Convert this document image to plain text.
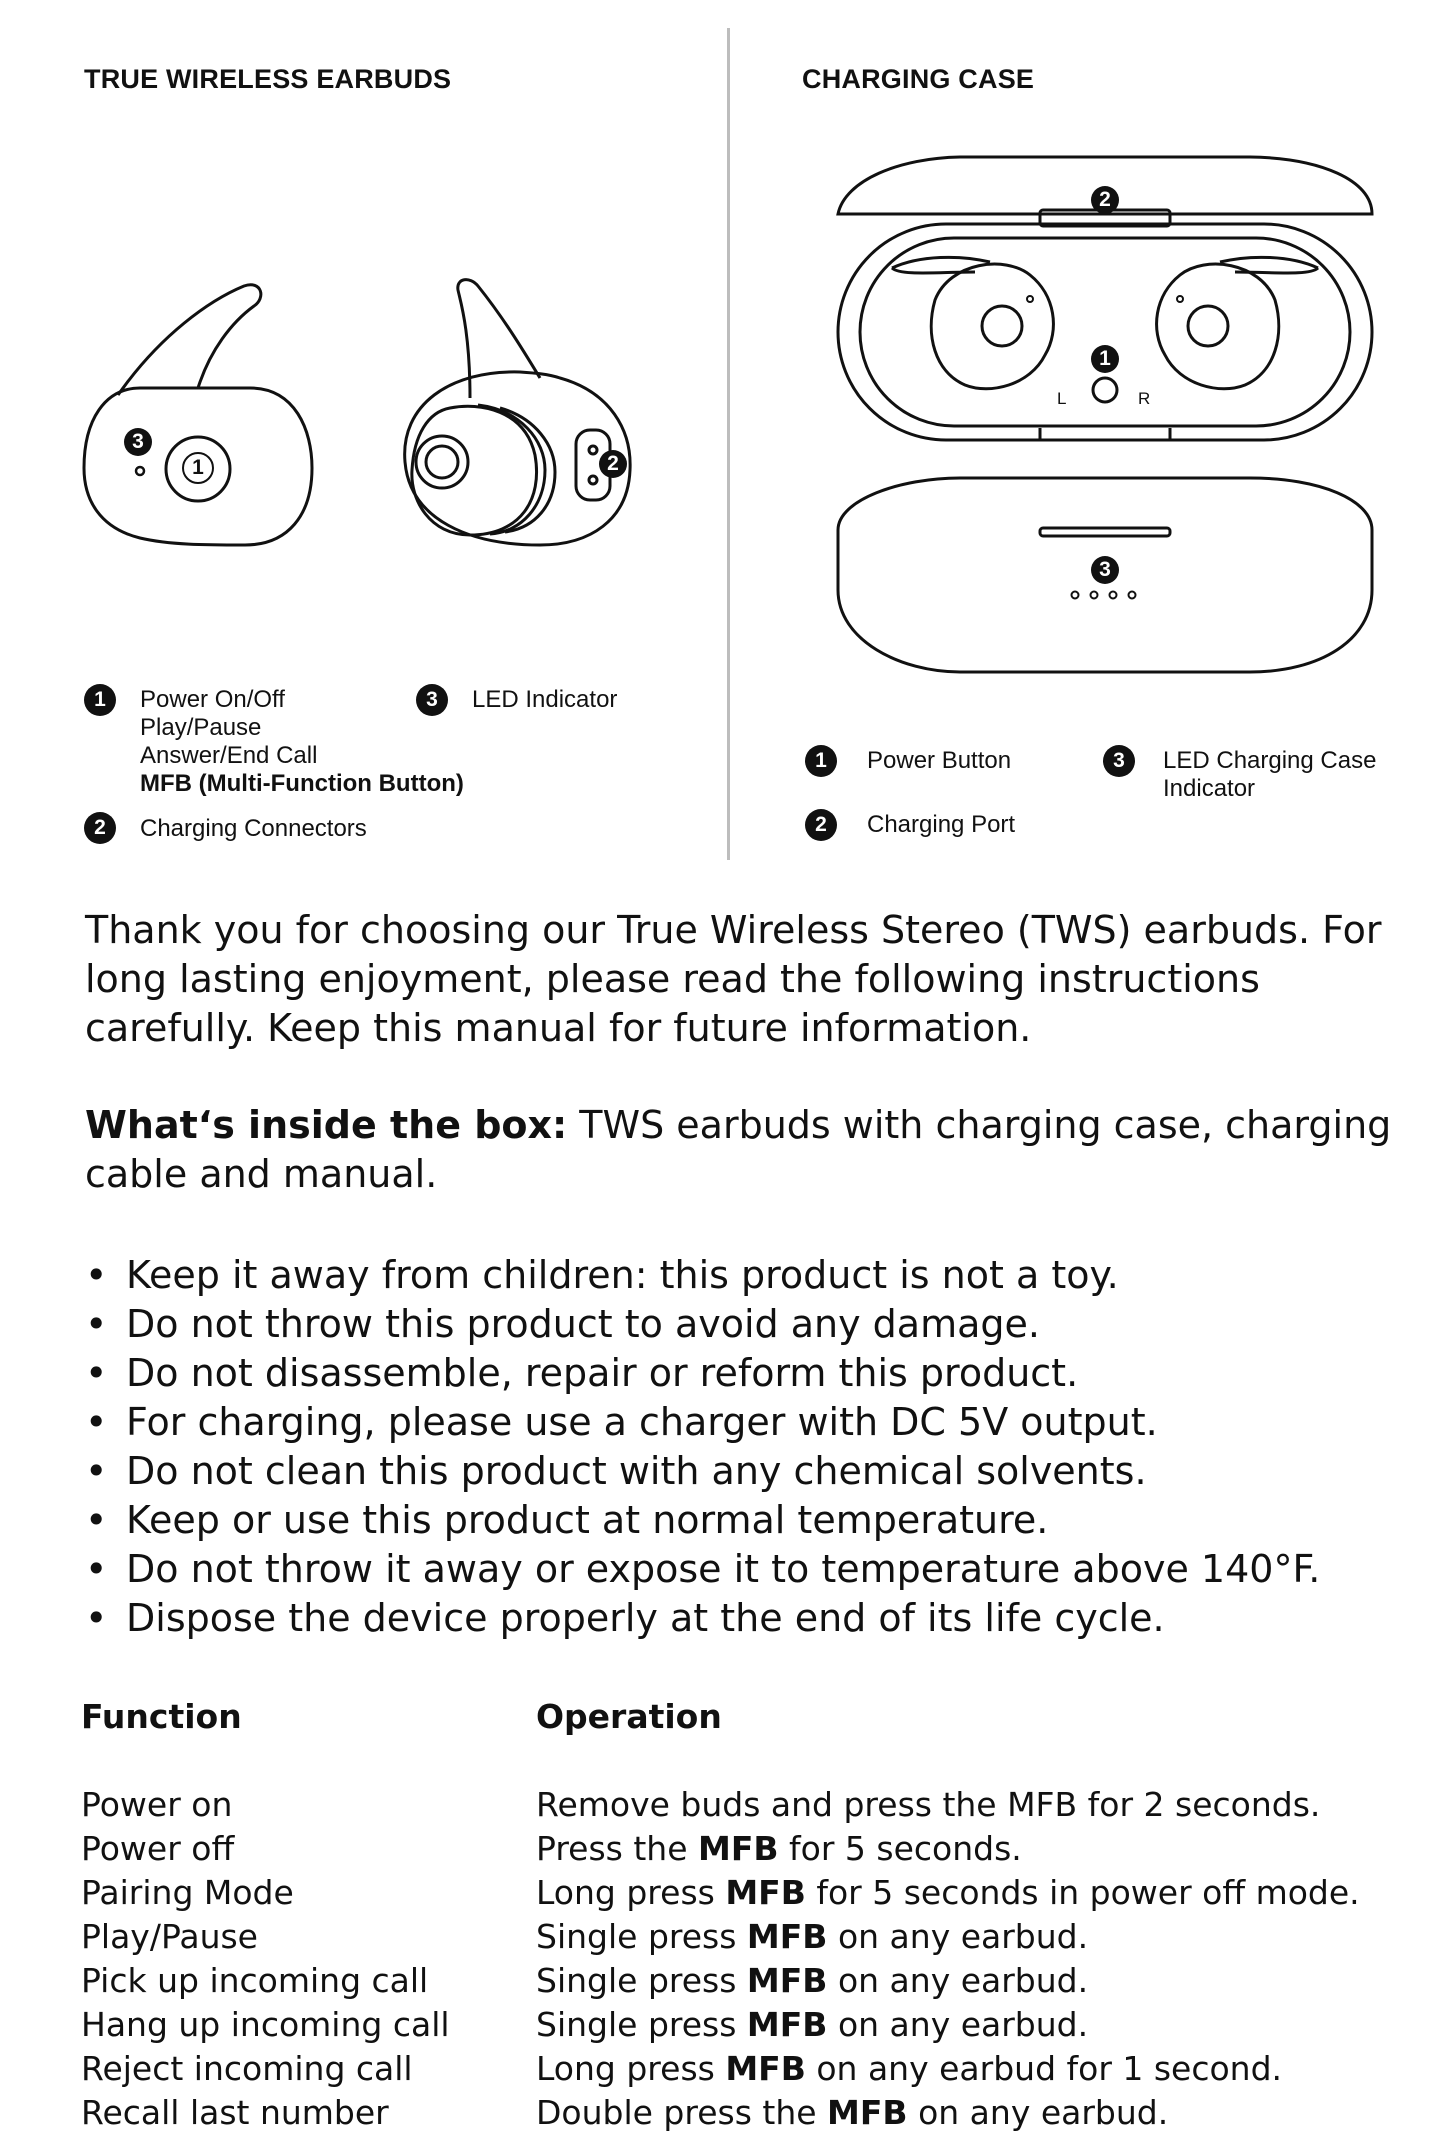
TRUE WIRELESS EARBUDS	CHARGING CASE
1	2
3
L	R
1
2
3
1	Power On/Off
Play/Pause
Answer/End Call
MFB (Multi-Function Button)
2	Charging Connectors
3	LED Indicator
1	Power Button
2	Charging Port
3	LED Charging Case
Indicator

Thank you for choosing our True Wireless Stereo (TWS) earbuds. For long lasting enjoyment, please read the following instructions carefully. Keep this manual for future information.

What‘s inside the box: TWS earbuds with charging case, charging cable and manual.

• Keep it away from children: this product is not a toy.
• Do not throw this product to avoid any damage.
• Do not disassemble, repair or reform this product.
• For charging, please use a charger with DC 5V output.
• Do not clean this product with any chemical solvents.
• Keep or use this product at normal temperature.
• Do not throw it away or expose it to temperature above 140°F.
• Dispose the device properly at the end of its life cycle.
Function	Operation
Power on	Remove buds and press the MFB for 2 seconds.
Power off	Press the MFB for 5 seconds.
Pairing Mode	Long press MFB for 5 seconds in power off mode.
Play/Pause	Single press MFB on any earbud.
Pick up incoming call	Single press MFB on any earbud.
Hang up incoming call	Single press MFB on any earbud.
Reject incoming call	Long press MFB on any earbud for 1 second.
Recall last number	Double press the MFB on any earbud.
